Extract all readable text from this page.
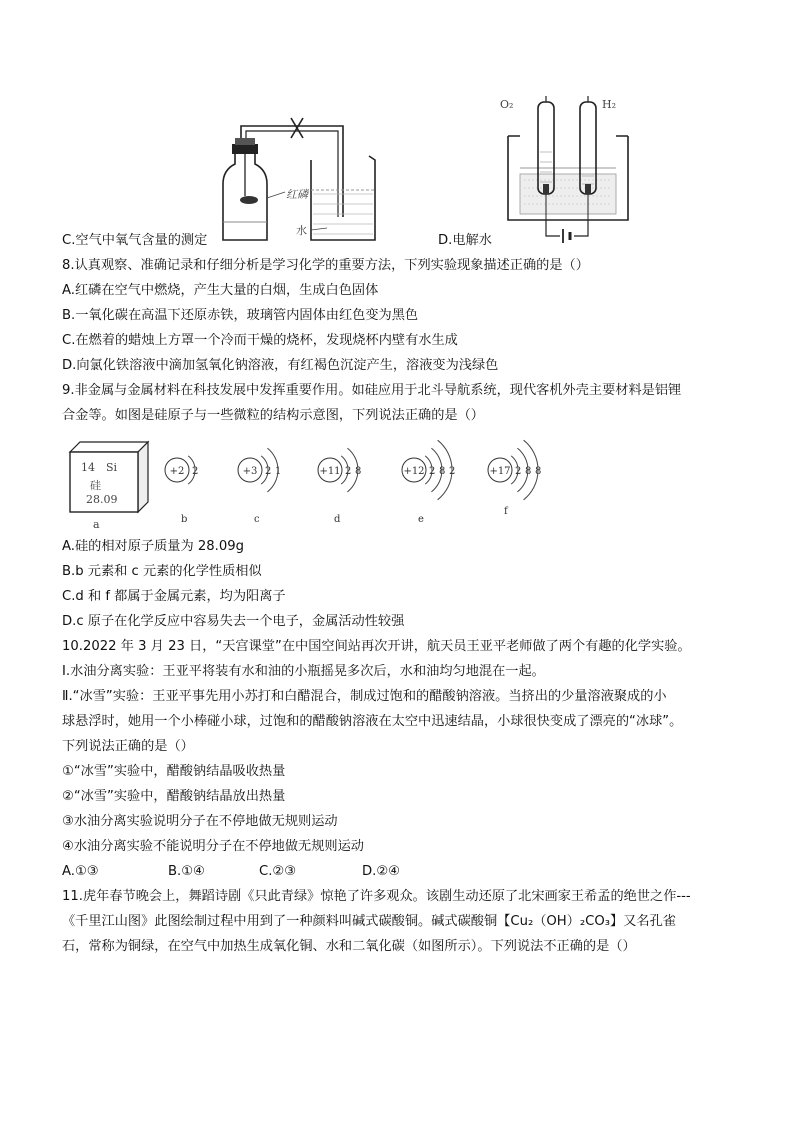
红磷
水
O₂	H₂
C.空气中氧气含量的测定	D.电解水
8.认真观察、准确记录和仔细分析是学习化学的重要方法，下列实验现象描述正确的是（）
A.红磷在空气中燃烧，产生大量的白烟，生成白色固体
B.一氧化碳在高温下还原赤铁，玻璃管内固体由红色变为黑色
C.在燃着的蜡烛上方罩一个冷而干燥的烧杯，发现烧杯内壁有水生成
D.向氯化铁溶液中滴加氢氧化钠溶液，有红褐色沉淀产生，溶液变为浅绿色
9.非金属与金属材料在科技发展中发挥重要作用。如硅应用于北斗导航系统，现代客机外壳主要材料是铝锂
合金等。如图是硅原子与一些微粒的结构示意图，下列说法正确的是（）
14 Si
硅
28.09
a
+2 2
b
+3 2 1
c
+11 2 8
d
+12 2 8 2
e
+17 2 8 8
f
A.硅的相对原子质量为 28.09g
B.b 元素和 c 元素的化学性质相似
C.d 和 f 都属于金属元素，均为阳离子
D.c 原子在化学反应中容易失去一个电子，金属活动性较强
10.2022 年 3 月 23 日，“天宫课堂”在中国空间站再次开讲，航天员王亚平老师做了两个有趣的化学实验。
Ⅰ.水油分离实验：王亚平将装有水和油的小瓶摇晃多次后，水和油均匀地混在一起。
Ⅱ.“冰雪”实验：王亚平事先用小苏打和白醋混合，制成过饱和的醋酸钠溶液。当挤出的少量溶液聚成的小
球悬浮时，她用一个小棒碰小球，过饱和的醋酸钠溶液在太空中迅速结晶，小球很快变成了漂亮的“冰球”。
下列说法正确的是（）
①“冰雪”实验中，醋酸钠结晶吸收热量
②“冰雪”实验中，醋酸钠结晶放出热量
③水油分离实验说明分子在不停地做无规则运动
④水油分离实验不能说明分子在不停地做无规则运动
A.①③	B.①④	C.②③	D.②④
11.虎年春节晚会上，舞蹈诗剧《只此青绿》惊艳了许多观众。该剧生动还原了北宋画家王希孟的绝世之作---
《千里江山图》此图绘制过程中用到了一种颜料叫碱式碳酸铜。碱式碳酸铜【Cu₂（OH）₂CO₃】又名孔雀
石，常称为铜绿，在空气中加热生成氧化铜、水和二氧化碳（如图所示）。下列说法不正确的是（）
